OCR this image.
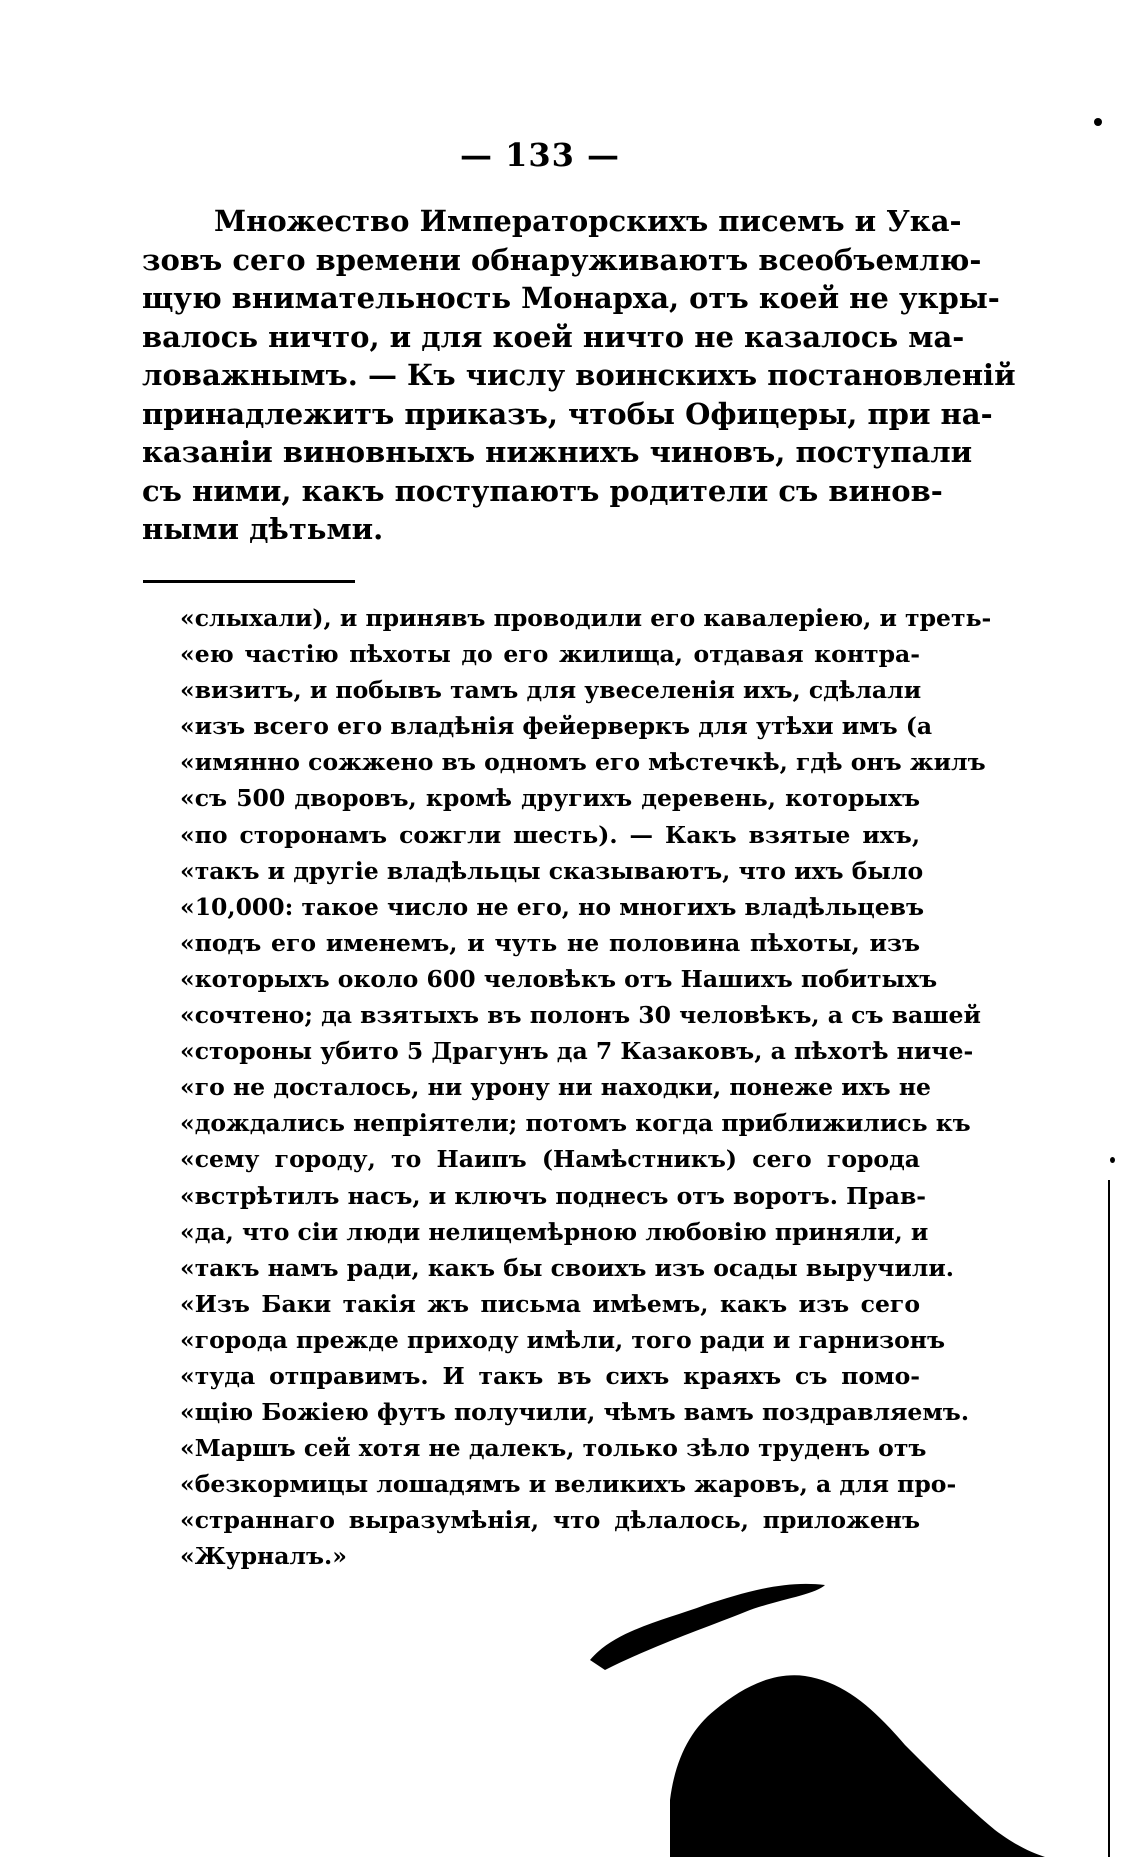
— 133 —
Множество Императорскихъ писемъ и Ука-
зовъ сего времени обнаруживаютъ всеобъемлю-
щую внимательность Монарха, отъ коей не укры-
валось ничто, и для коей ничто не казалось ма-
ловажнымъ. — Къ числу воинскихъ постановленій
принадлежитъ приказъ, чтобы Офицеры, при на-
казаніи виновныхъ нижнихъ чиновъ, поступали
съ ними, какъ поступаютъ родители съ винов-
ными дѣтьми.
«слыхали), и принявъ проводили его кавалеріею, и треть-
«ею частію пѣхоты до его жилища, отдавая контра-
«визитъ, и побывъ тамъ для увеселенія ихъ, сдѣлали
«изъ всего его владѣнія фейерверкъ для утѣхи имъ (а
«имянно сожжено въ одномъ его мѣстечкѣ, гдѣ онъ жилъ
«съ 500 дворовъ, кромѣ другихъ деревень, которыхъ
«по сторонамъ сожгли шесть). — Какъ взятые ихъ,
«такъ и другіе владѣльцы сказываютъ, что ихъ было
«10,000: такое число не его, но многихъ владѣльцевъ
«подъ его именемъ, и чуть не половина пѣхоты, изъ
«которыхъ около 600 человѣкъ отъ Нашихъ побитыхъ
«сочтено; да взятыхъ въ полонъ 30 человѣкъ, а съ вашей
«стороны убито 5 Драгунъ да 7 Казаковъ, а пѣхотѣ ниче-
«го не досталось, ни урону ни находки, понеже ихъ не
«дождались непріятели; потомъ когда приближились къ
«сему городу, то Наипъ (Намѣстникъ) сего города
«встрѣтилъ насъ, и ключъ поднесъ отъ воротъ. Прав-
«да, что сіи люди нелицемѣрною любовію приняли, и
«такъ намъ ради, какъ бы своихъ изъ осады выручили.
«Изъ Баки такія жъ письма имѣемъ, какъ изъ сего
«города прежде приходу имѣли, того ради и гарнизонъ
«туда отправимъ. И такъ въ сихъ краяхъ съ помо-
«щію Божіею футъ получили, чѣмъ вамъ поздравляемъ.
«Маршъ сей хотя не далекъ, только зѣло труденъ отъ
«безкормицы лошадямъ и великихъ жаровъ, а для про-
«страннаго выразумѣнія, что дѣлалось, приложенъ
«Журналъ.»
